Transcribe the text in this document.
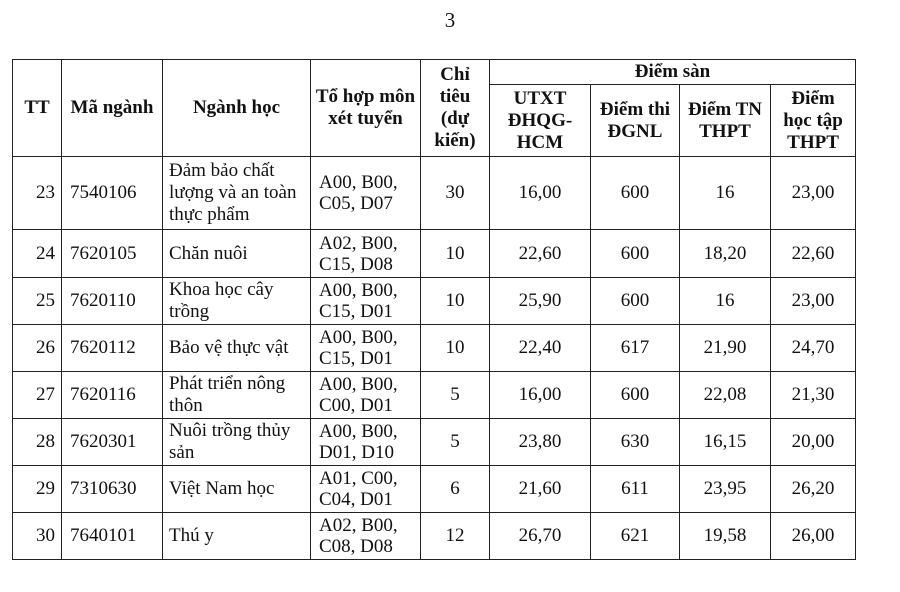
3
TT	Mã ngành	Ngành học	Tổ hợp môn xét tuyển	Chỉ tiêu (dự kiến)	Điểm sàn			
					UTXT ĐHQG-HCM	Điểm thi ĐGNL	Điểm TN THPT	Điểm học tập THPT
23	7540106	Đảm bảo chất lượng và an toàn thực phẩm	A00, B00, C05, D07	30	16,00	600	16	23,00
24	7620105	Chăn nuôi	A02, B00, C15, D08	10	22,60	600	18,20	22,60
25	7620110	Khoa học cây trồng	A00, B00, C15, D01	10	25,90	600	16	23,00
26	7620112	Bảo vệ thực vật	A00, B00, C15, D01	10	22,40	617	21,90	24,70
27	7620116	Phát triển nông thôn	A00, B00, C00, D01	5	16,00	600	22,08	21,30
28	7620301	Nuôi trồng thủy sản	A00, B00, D01, D10	5	23,80	630	16,15	20,00
29	7310630	Việt Nam học	A01, C00, C04, D01	6	21,60	611	23,95	26,20
30	7640101	Thú y	A02, B00, C08, D08	12	26,70	621	19,58	26,00
